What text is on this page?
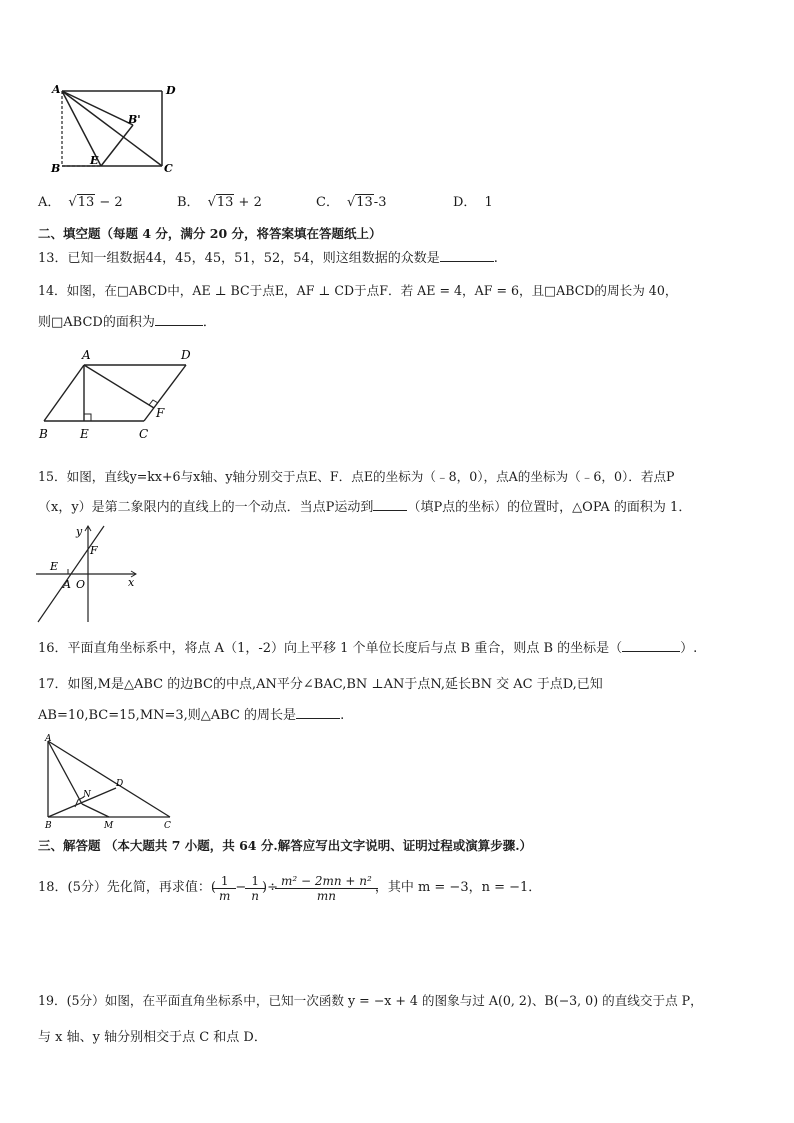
A	D
B'
B
E
C
A． √13 − 2	B． √13 + 2	C． √13-3	D． 1
二、填空题（每题 4 分，满分 20 分，将答案填在答题纸上）
13．已知一组数据44，45，45，51，52，54，则这组数据的众数是	.
14．如图，在□ABCD中，AE ⊥ BC于点E，AF ⊥ CD于点F．若 AE = 4，AF = 6，且□ABCD的周长为 40，
则□ABCD的面积为	．
A	D
F
B	E	C
15．如图，直线y=kx+6与x轴、y轴分别交于点E、F．点E的坐标为（﹣8，0），点A的坐标为（﹣6，0）．若点P
（x，y）是第二象限内的直线上的一个动点．当点P运动到	（填P点的坐标）的位置时，△OPA 的面积为 1．
y
F
E
A O	x
16．平面直角坐标系中，将点 A（1，-2）向上平移 1 个单位长度后与点 B 重合，则点 B 的坐标是（	）.
17．如图,M是△ABC 的边BC的中点,AN平分∠BAC,BN ⊥AN于点N,延长BN 交 AC 于点D,已知
AB=10,BC=15,MN=3,则△ABC 的周长是	.
A
D
N
B	M	C
三、解答题 （本大题共 7 小题，共 64 分.解答应写出文字说明、证明过程或演算步骤.）
18．(5分）先化简，再求值：( $\frac{1}{m} - \frac{1}{n}$ )÷ $\frac{\text{m² − 2mn + n²}}{mn}$ ，其中 m = −3，n = −1．
19．(5分）如图，在平面直角坐标系中，已知一次函数 y = −x + 4 的图象与过 A(0, 2)、B(−3, 0) 的直线交于点 P，
与 x 轴、y 轴分别相交于点 C 和点 D．
